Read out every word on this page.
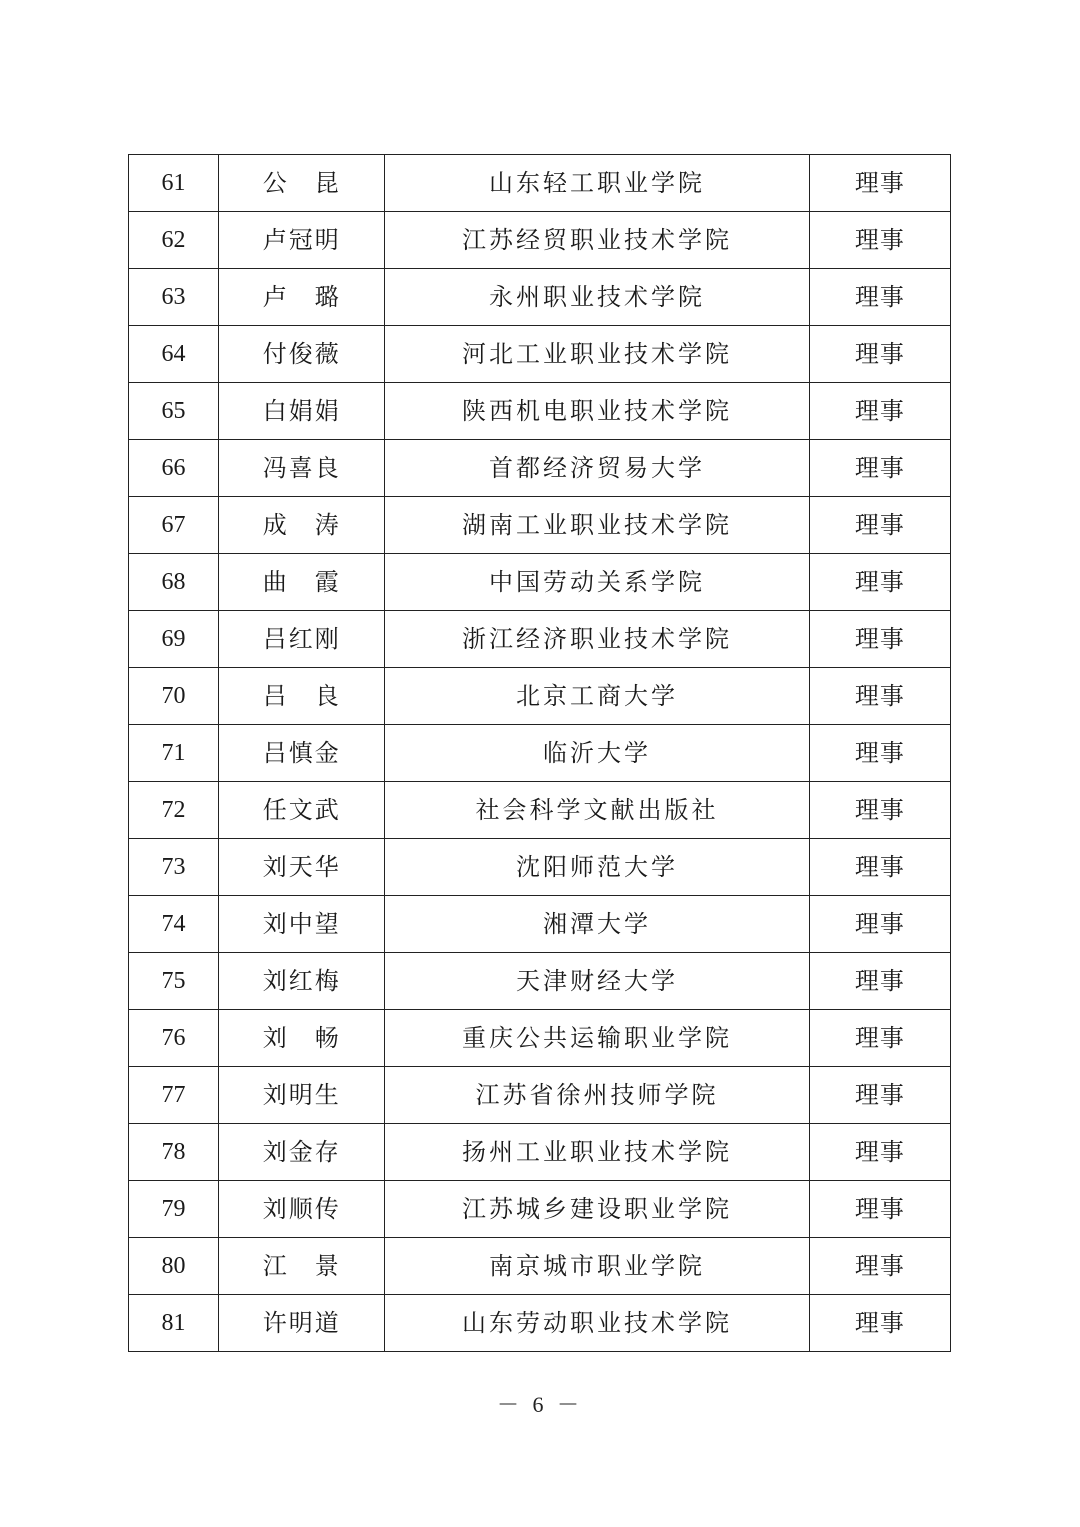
61	公　昆	山东轻工职业学院	理事
62	卢冠明	江苏经贸职业技术学院	理事
63	卢　璐	永州职业技术学院	理事
64	付俊薇	河北工业职业技术学院	理事
65	白娟娟	陕西机电职业技术学院	理事
66	冯喜良	首都经济贸易大学	理事
67	成　涛	湖南工业职业技术学院	理事
68	曲　霞	中国劳动关系学院	理事
69	吕红刚	浙江经济职业技术学院	理事
70	吕　良	北京工商大学	理事
71	吕慎金	临沂大学	理事
72	任文武	社会科学文献出版社	理事
73	刘天华	沈阳师范大学	理事
74	刘中望	湘潭大学	理事
75	刘红梅	天津财经大学	理事
76	刘　畅	重庆公共运输职业学院	理事
77	刘明生	江苏省徐州技师学院	理事
78	刘金存	扬州工业职业技术学院	理事
79	刘顺传	江苏城乡建设职业学院	理事
80	江　景	南京城市职业学院	理事
81	许明道	山东劳动职业技术学院	理事
－ 6 －
